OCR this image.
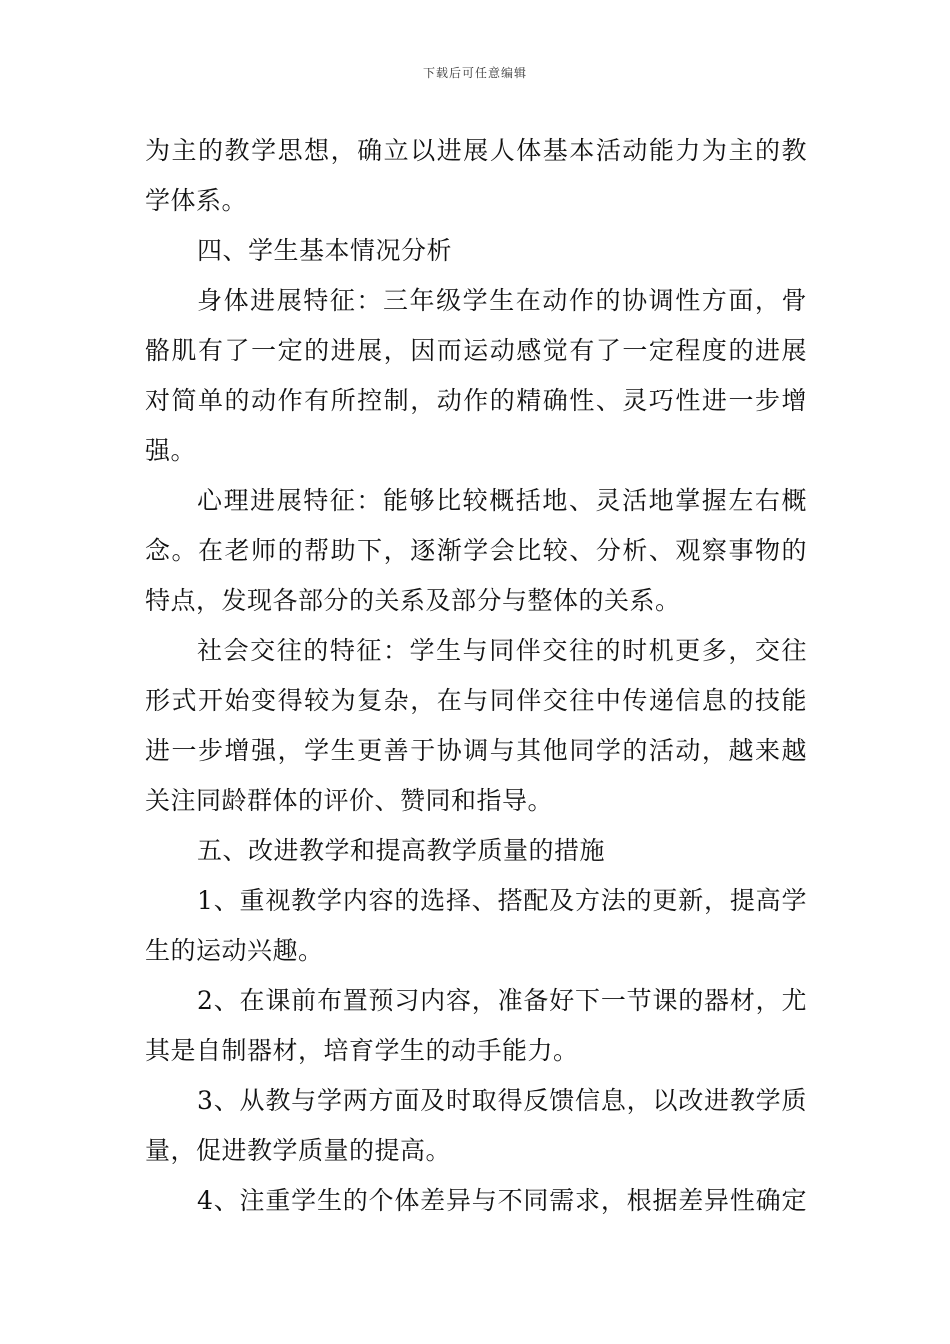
下载后可任意编辑
为主的教学思想，确立以进展人体基本活动能力为主的教
学体系。
四、学生基本情况分析
身体进展特征：三年级学生在动作的协调性方面，骨
骼肌有了一定的进展，因而运动感觉有了一定程度的进展
对简单的动作有所控制，动作的精确性、灵巧性进一步增
强。
心理进展特征：能够比较概括地、灵活地掌握左右概
念。在老师的帮助下，逐渐学会比较、分析、观察事物的
特点，发现各部分的关系及部分与整体的关系。
社会交往的特征：学生与同伴交往的时机更多，交往
形式开始变得较为复杂，在与同伴交往中传递信息的技能
进一步增强，学生更善于协调与其他同学的活动，越来越
关注同龄群体的评价、赞同和指导。
五、改进教学和提高教学质量的措施
1、重视教学内容的选择、搭配及方法的更新，提高学
生的运动兴趣。
2、在课前布置预习内容，准备好下一节课的器材，尤
其是自制器材，培育学生的动手能力。
3、从教与学两方面及时取得反馈信息，以改进教学质
量，促进教学质量的提高。
4、注重学生的个体差异与不同需求，根据差异性确定
